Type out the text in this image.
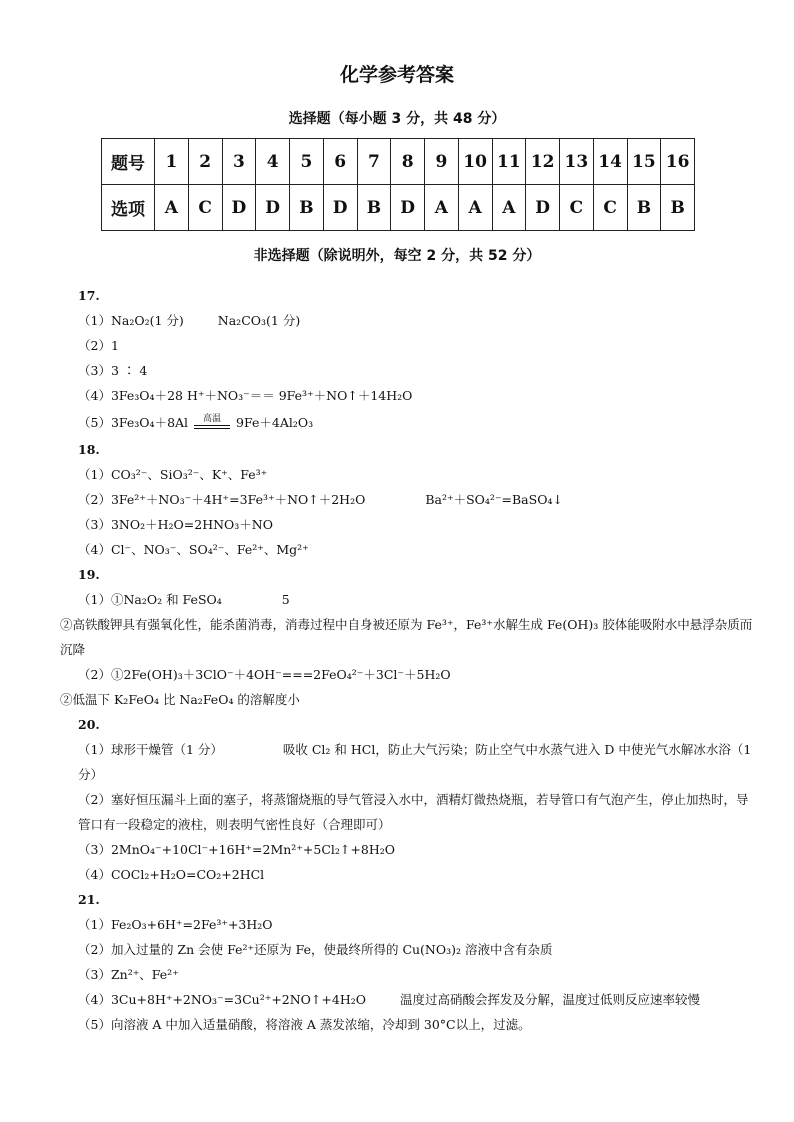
化学参考答案
选择题（每小题 3 分，共 48 分）
题号	1	2	3	4	5	6	7	8	9	10	11	12	13	14	15	16
选项	A	C	D	D	B	D	B	D	A	A	A	D	C	C	B	B
非选择题（除说明外，每空 2 分，共 52 分）
17.
（1）Na₂O₂(1 分)	Na₂CO₃(1 分)
（2）1
（3）3 ∶ 4
（4）3Fe₃O₄＋28 H⁺＋NO₃⁻＝＝ 9Fe³⁺＋NO↑＋14H₂O
（5）3Fe₃O₄＋8Al	高温	9Fe＋4Al₂O₃
18.
（1）CO₃²⁻、SiO₃²⁻、K⁺、Fe³⁺
（2）3Fe²⁺＋NO₃⁻＋4H⁺=3Fe³⁺＋NO↑＋2H₂O	Ba²⁺＋SO₄²⁻=BaSO₄↓
（3）3NO₂＋H₂O=2HNO₃＋NO
（4）Cl⁻、NO₃⁻、SO₄²⁻、Fe²⁺、Mg²⁺
19.
（1）①Na₂O₂ 和 FeSO₄	5
②高铁酸钾具有强氧化性，能杀菌消毒，消毒过程中自身被还原为 Fe³⁺，Fe³⁺水解生成 Fe(OH)₃ 胶体能吸附水中悬浮杂质而沉降
（2）①2Fe(OH)₃＋3ClO⁻＋4OH⁻===2FeO₄²⁻＋3Cl⁻＋5H₂O
②低温下 K₂FeO₄ 比 Na₂FeO₄ 的溶解度小
20.
（1）球形干燥管（1 分）	吸收 Cl₂ 和 HCl，防止大气污染；防止空气中水蒸气进入 D 中使光气水解冰水浴（1 分）
（2）塞好恒压漏斗上面的塞子，将蒸馏烧瓶的导气管浸入水中，酒精灯微热烧瓶，若导管口有气泡产生，停止加热时，导管口有一段稳定的液柱，则表明气密性良好（合理即可）
（3）2MnO₄⁻+10Cl⁻+16H⁺=2Mn²⁺+5Cl₂↑+8H₂O
（4）COCl₂+H₂O=CO₂+2HCl
21.
（1）Fe₂O₃+6H⁺=2Fe³⁺+3H₂O
（2）加入过量的 Zn 会使 Fe²⁺还原为 Fe，使最终所得的 Cu(NO₃)₂ 溶液中含有杂质
（3）Zn²⁺、Fe²⁺
（4）3Cu+8H⁺+2NO₃⁻=3Cu²⁺+2NO↑+4H₂O	温度过高硝酸会挥发及分解，温度过低则反应速率较慢
（5）向溶液 A 中加入适量硝酸，将溶液 A 蒸发浓缩，冷却到 30°C以上，过滤。
